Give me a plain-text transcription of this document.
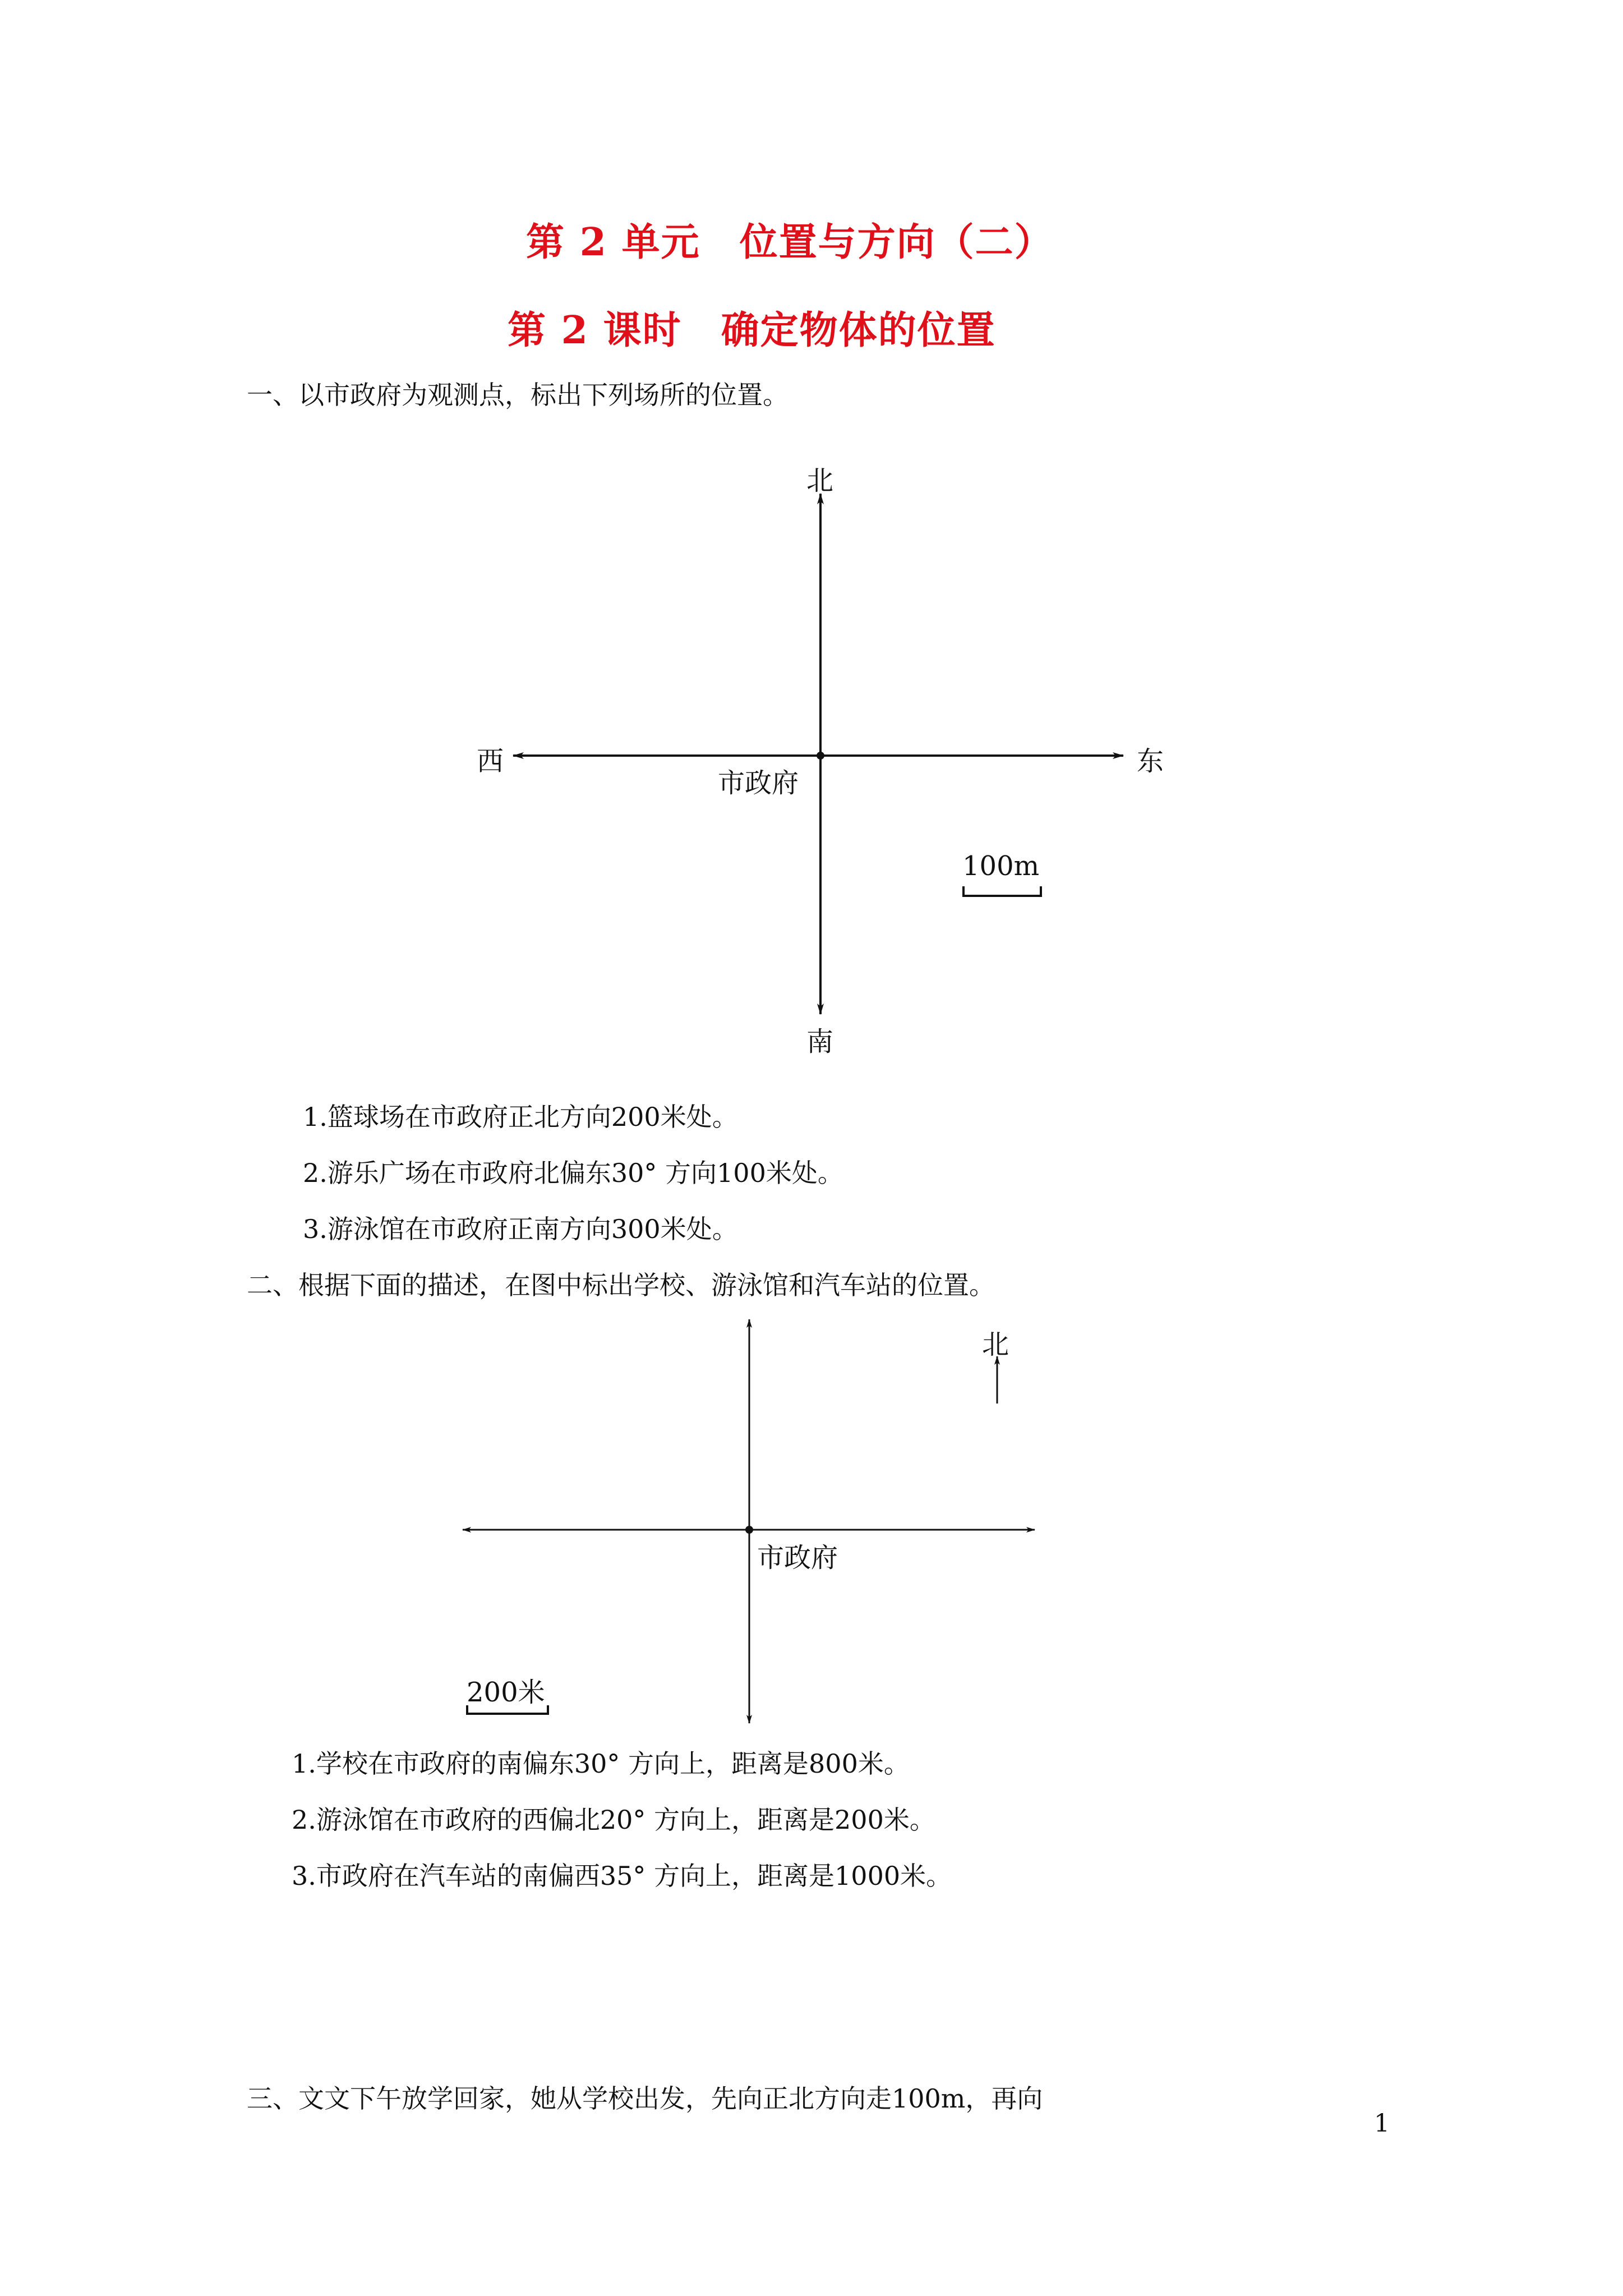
第 2 单元　位置与方向（二）
第 2 课时　确定物体的位置
一、以市政府为观测点，标出下列场所的位置。
北
南
西	东
市政府
100m
1.篮球场在市政府正北方向200米处。
2.游乐广场在市政府北偏东30° 方向100米处。
3.游泳馆在市政府正南方向300米处。
二、根据下面的描述，在图中标出学校、游泳馆和汽车站的位置。
北
市政府
200米
1.学校在市政府的南偏东30° 方向上，距离是800米。
2.游泳馆在市政府的西偏北20° 方向上，距离是200米。
3.市政府在汽车站的南偏西35° 方向上，距离是1000米。
三、文文下午放学回家，她从学校出发，先向正北方向走100m，再向
1
